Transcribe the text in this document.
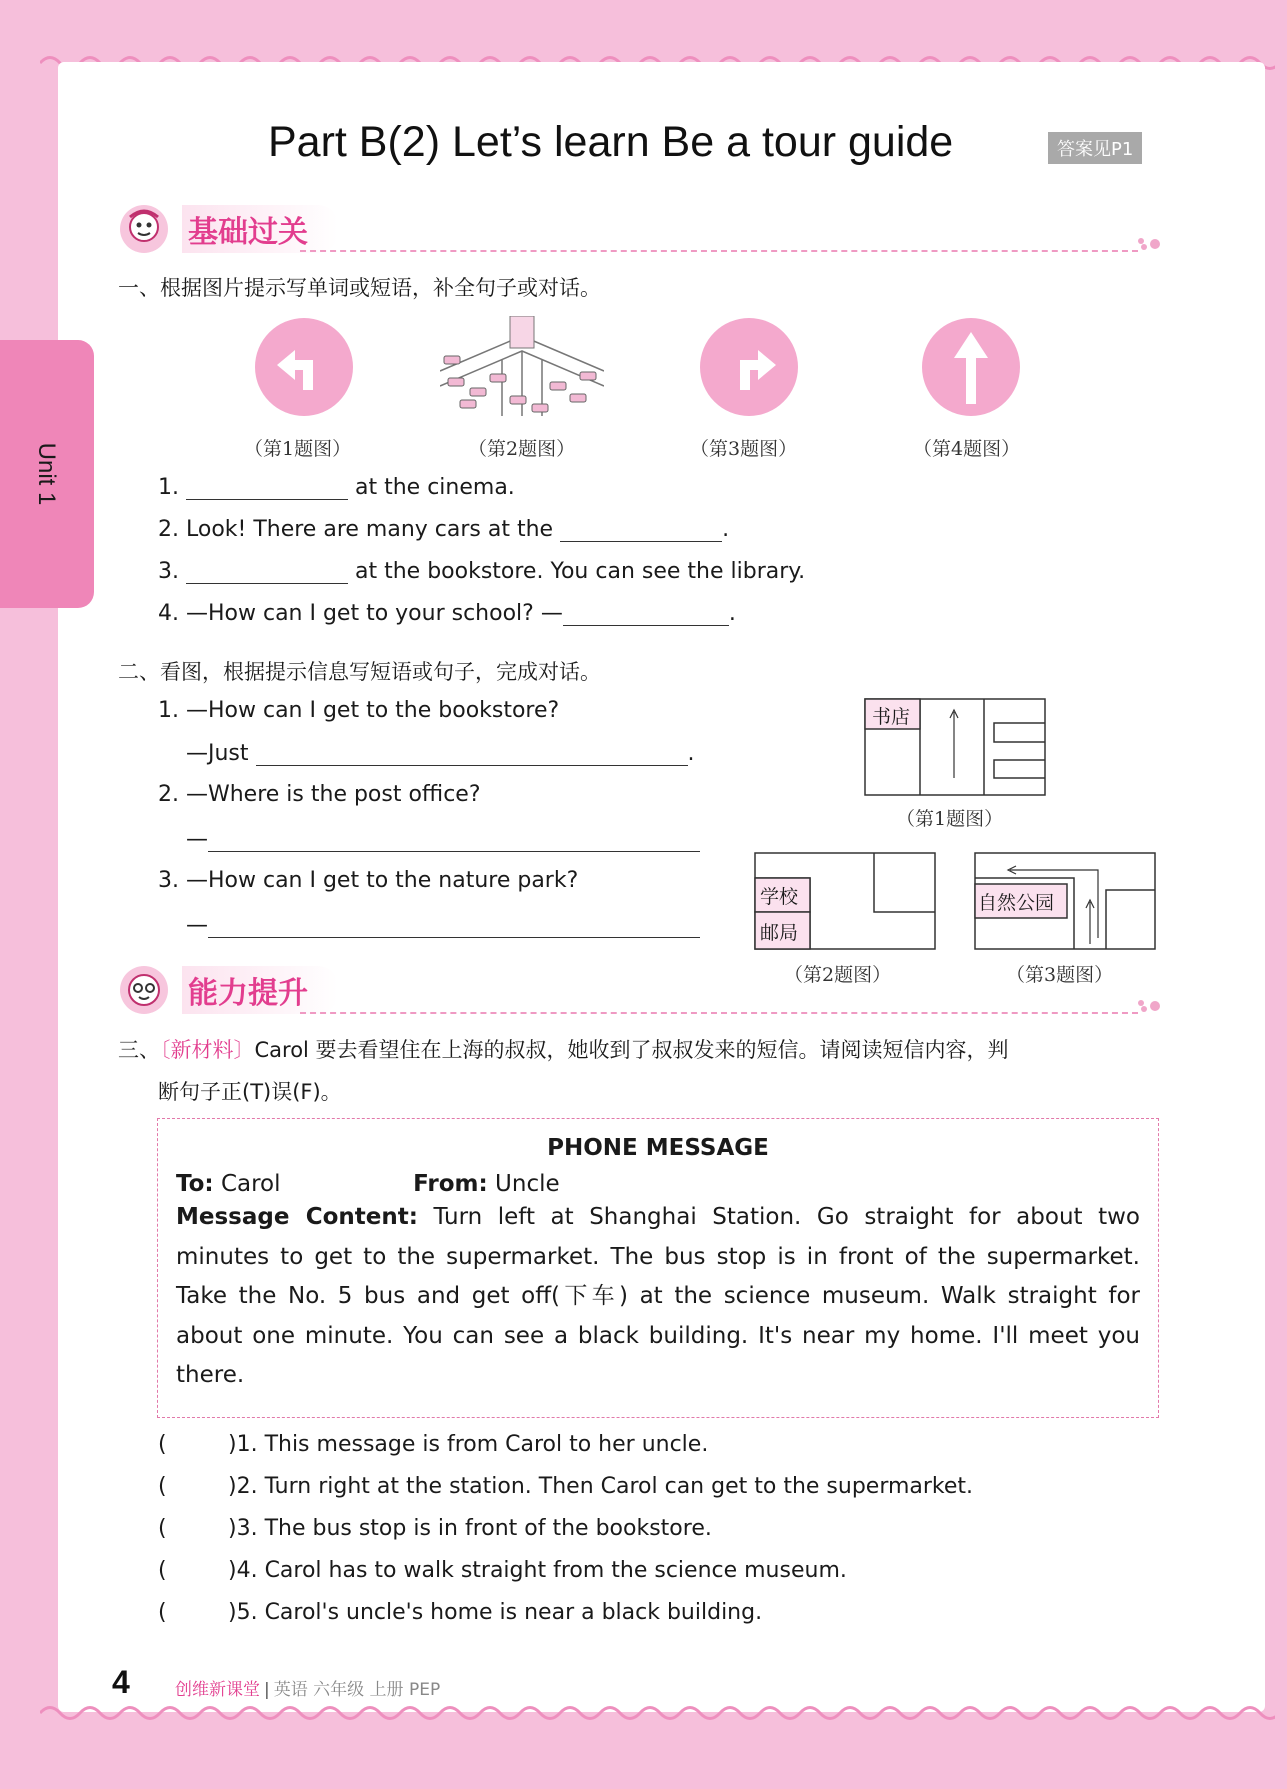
Unit 1
Part B(2) Let’s learn Be a tour guide	答案见P1
基础过关
一、根据图片提示写单词或短语，补全句子或对话。
（第1题图）	（第2题图）	（第3题图）	（第4题图）
1.	at the cinema.
2. Look! There are many cars at the	.
3.	at the bookstore. You can see the library.
4. —How can I get to your school? —	.
二、看图，根据提示信息写短语或句子，完成对话。
1. —How can I get to the bookstore?
—Just	.
2. —Where is the post office?
—
3. —How can I get to the nature park?
—
书店
（第1题图）
学校
邮局
（第2题图）
自然公园
（第3题图）
能力提升
三、〔新材料〕Carol 要去看望住在上海的叔叔，她收到了叔叔发来的短信。请阅读短信内容，判
断句子正(T)误(F)。
PHONE MESSAGE
To: Carol	From: Uncle
Message Content: Turn left at Shanghai Station. Go straight for about two minutes to get to the supermarket. The bus stop is in front of the supermarket. Take the No. 5 bus and get off(下车) at the science museum. Walk straight for about one minute. You can see a black building. It's near my home. I'll meet you there.
(	)1. This message is from Carol to her uncle.
(	)2. Turn right at the station. Then Carol can get to the supermarket.
(	)3. The bus stop is in front of the bookstore.
(	)4. Carol has to walk straight from the science museum.
(	)5. Carol's uncle's home is near a black building.
4	创维新课堂 | 英语 六年级 上册 PEP
